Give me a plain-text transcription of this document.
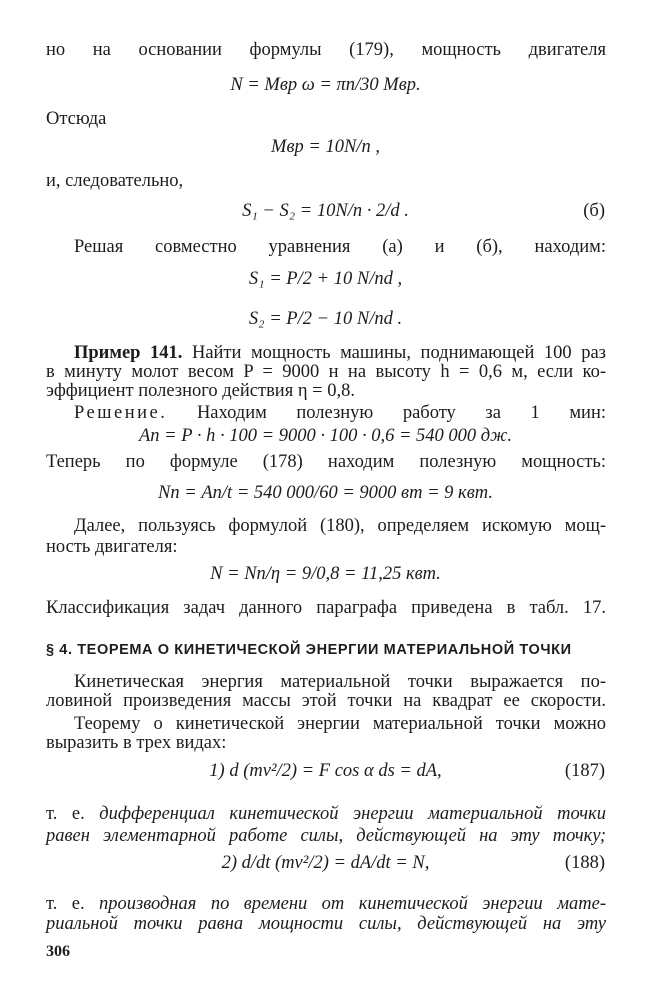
но на основании формулы (179), мощность двигателя
N = Mвр ω = πn/30 Mвр.
Отсюда
Mвр = 10N/n ,
и, следовательно,
S₁ − S₂ = 10N/n · 2/d .	(б)
Решая совместно уравнения (а) и (б), находим:
S₁ = P/2 + 10 N/nd ,
S₂ = P/2 − 10 N/nd .
Пример 141. Найти мощность машины, поднимающей 100 раз
в минуту молот весом P = 9000 н на высоту h = 0,6 м, если ко-
эффициент полезного действия η = 0,8.
Решение. Находим полезную работу за 1 мин:
Aп = P · h · 100 = 9000 · 100 · 0,6 = 540 000 дж.
Теперь по формуле (178) находим полезную мощность:
Nп = Aп/t = 540 000/60 = 9000 вт = 9 квт.
Далее, пользуясь формулой (180), определяем искомую мощ-
ность двигателя:
N = Nп/η = 9/0,8 = 11,25 квт.
Классификация задач данного параграфа приведена в табл. 17.
§ 4. ТЕОРЕМА О КИНЕТИЧЕСКОЙ ЭНЕРГИИ МАТЕРИАЛЬНОЙ ТОЧКИ
Кинетическая энергия материальной точки выражается по-
ловиной произведения массы этой точки на квадрат ее скорости.
Теорему о кинетической энергии материальной точки можно
выразить в трех видах:
1) d (mv²/2) = F cos α ds = dA,	(187)
т. е. дифференциал кинетической энергии материальной точки
равен элементарной работе силы, действующей на эту точку;
2) d/dt (mv²/2) = dA/dt = N,	(188)
т. е. производная по времени от кинетической энергии мате-
риальной точки равна мощности силы, действующей на эту
306
